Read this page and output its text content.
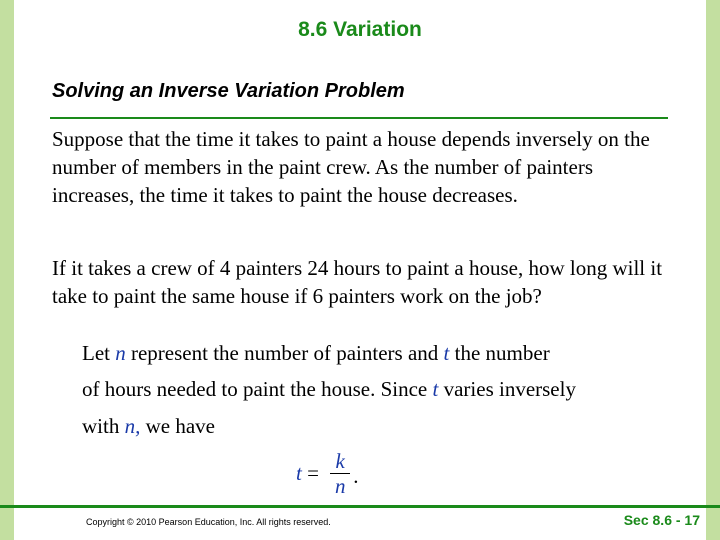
8.6 Variation
Solving an Inverse Variation Problem
Suppose that the time it takes to paint a house depends inversely on the number of members in the paint crew. As the number of painters increases, the time it takes to paint the house decreases.
If it takes a crew of 4 painters 24 hours to paint a house, how long will it take to paint the same house if 6 painters work on the job?
Let n represent the number of painters and t the number
of hours needed to paint the house. Since t varies inversely
with n, we have
$t = \frac{k}{n}$ .
Copyright © 2010 Pearson Education, Inc. All rights reserved.	Sec 8.6 - 17
